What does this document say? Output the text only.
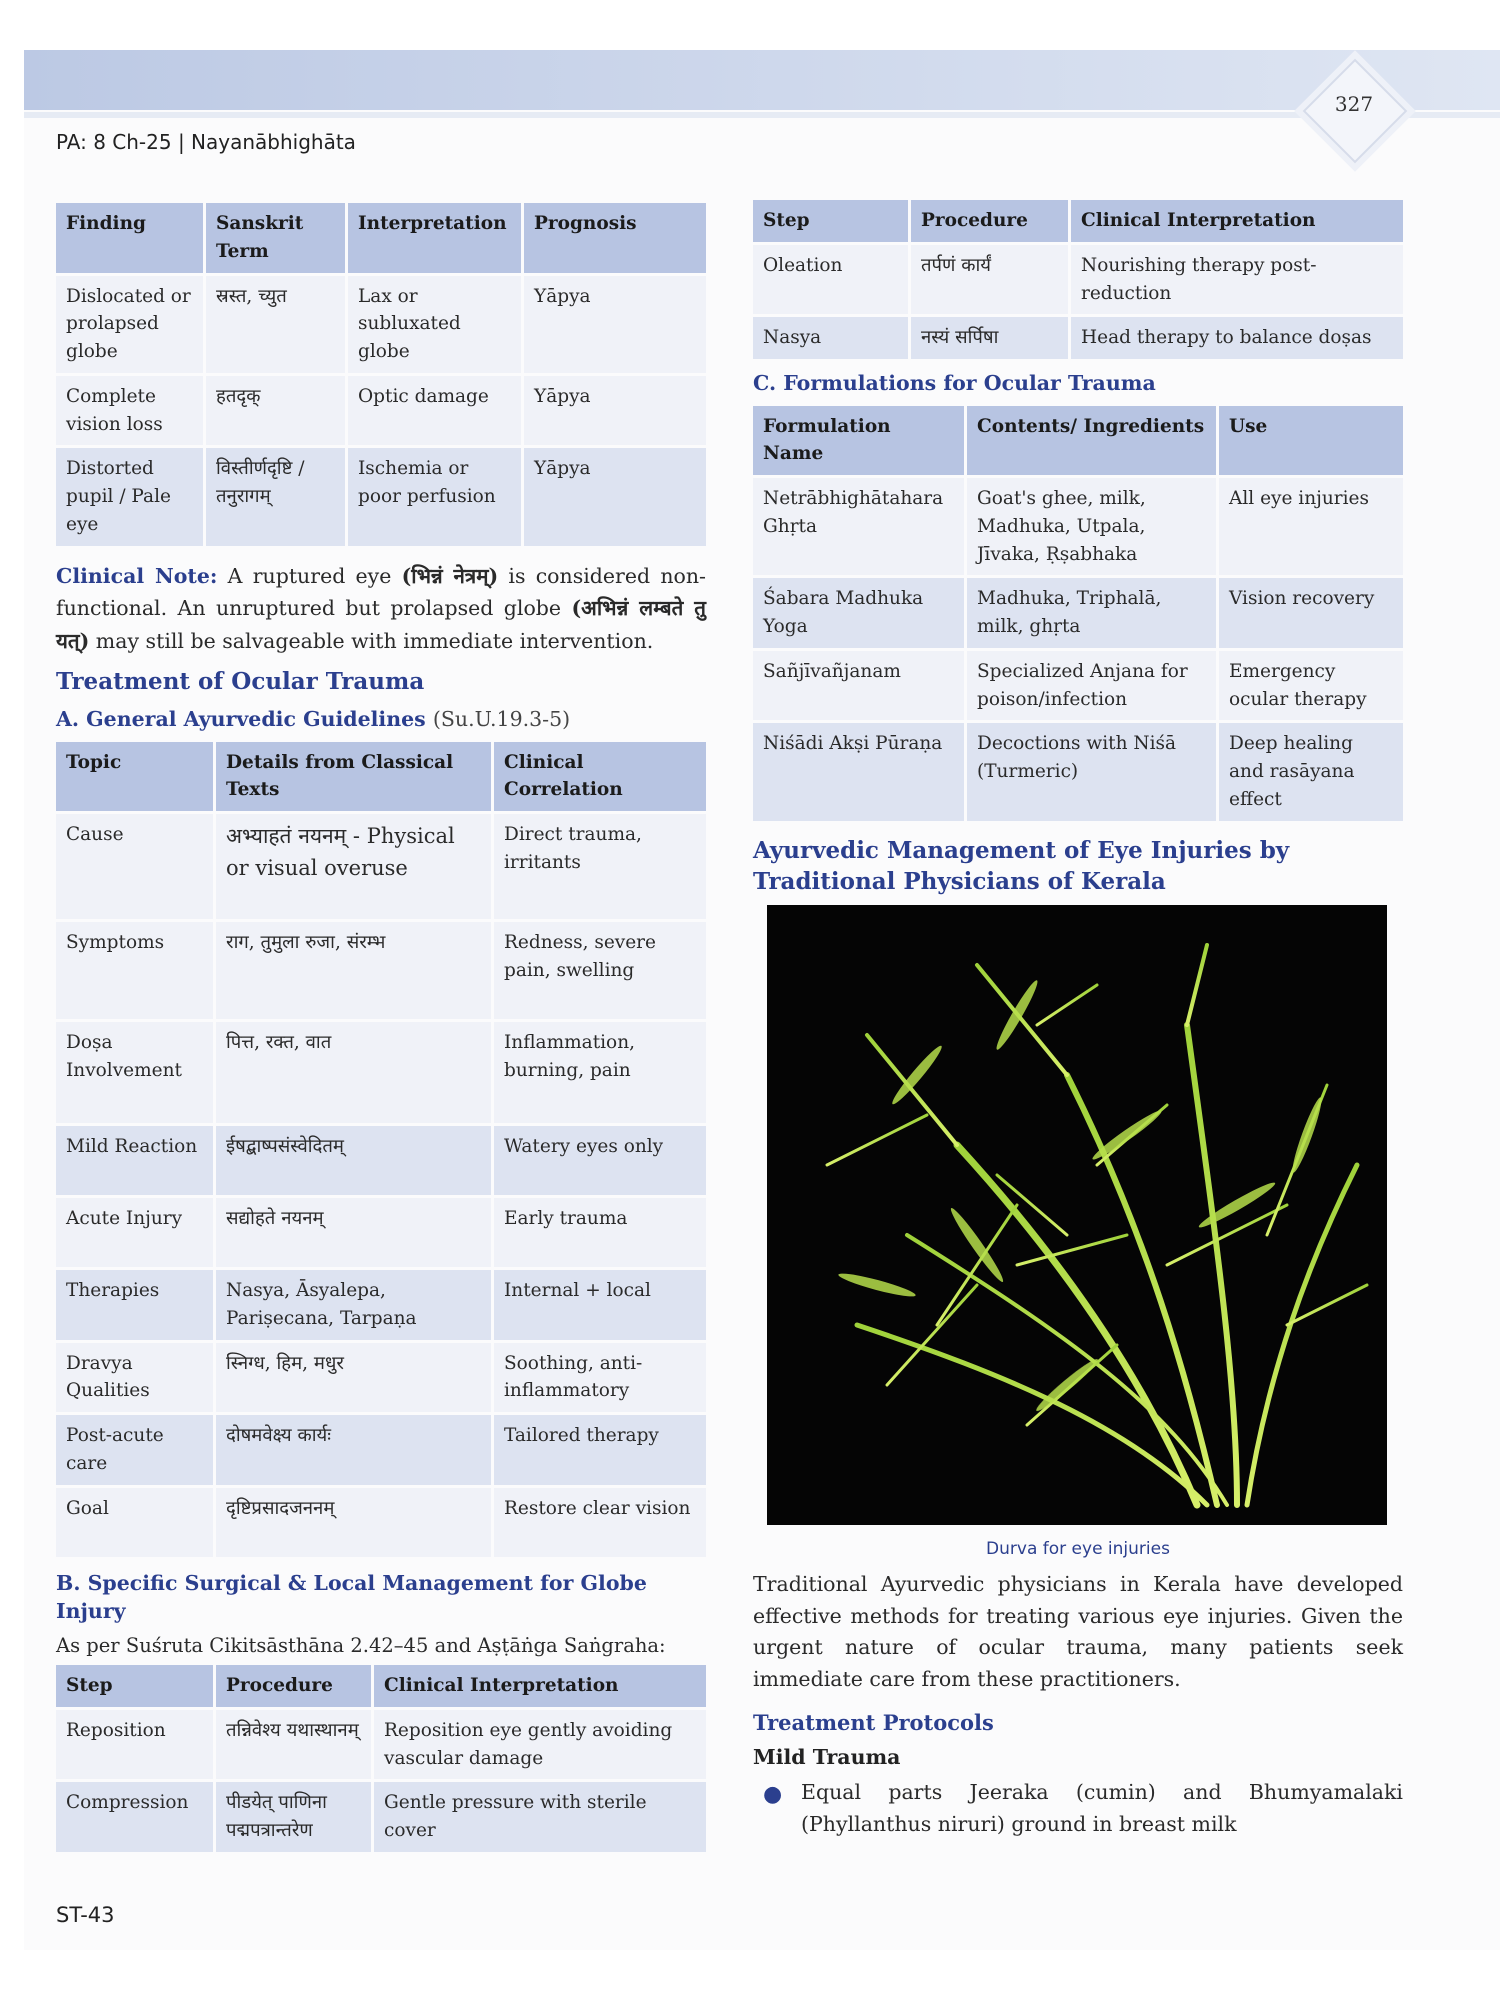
327
PA: 8 Ch-25 | Nayanābhighāta
Finding	Sanskrit Term	Interpretation	Prognosis
Dislocated or prolapsed globe	स्रस्त, च्युत	Lax or subluxated globe	Yāpya
Complete vision loss	हतदृक्	Optic damage	Yāpya
Distorted pupil / Pale eye	विस्तीर्णदृष्टि / तनुरागम्	Ischemia or poor perfusion	Yāpya

Clinical Note: A ruptured eye (भिन्नं नेत्रम्) is considered non-functional. An unruptured but prolapsed globe (अभिन्नं लम्बते तु यत्) may still be salvageable with immediate intervention.

Treatment of Ocular Trauma
A. General Ayurvedic Guidelines (Su.U.19.3-5)
Topic	Details from Classical Texts	Clinical Correlation
Cause	अभ्याहतं नयनम् - Physical or visual overuse	Direct trauma, irritants
Symptoms	राग, तुमुला रुजा, संरम्भ	Redness, severe pain, swelling
Doṣa Involvement	पित्त, रक्त, वात	Inflammation, burning, pain
Mild Reaction	ईषद्बाष्पसंस्वेदितम्	Watery eyes only
Acute Injury	सद्योहते नयनम्	Early trauma
Therapies	Nasya, Āsyalepa, Pariṣecana, Tarpaṇa	Internal + local
Dravya Qualities	स्निग्ध, हिम, मधुर	Soothing, anti-inflammatory
Post-acute care	दोषमवेक्ष्य कार्यः	Tailored therapy
Goal	दृष्टिप्रसादजननम्	Restore clear vision
B. Specific Surgical & Local Management for Globe Injury
As per Suśruta Cikitsāsthāna 2.42–45 and Aṣṭāṅga Saṅgraha:
Step	Procedure	Clinical Interpretation
Reposition	तन्निवेश्य यथास्थानम्	Reposition eye gently avoiding vascular damage
Compression	पीडयेत् पाणिना पद्मपत्रान्तरेण	Gentle pressure with sterile cover
Step	Procedure	Clinical Interpretation
Oleation	तर्पणं कार्यं	Nourishing therapy post-reduction
Nasya	नस्यं सर्पिषा	Head therapy to balance doṣas
C. Formulations for Ocular Trauma
Formulation Name	Contents/ Ingredients	Use
Netrābhighātahara Ghṛta	Goat's ghee, milk, Madhuka, Utpala, Jīvaka, Ṛṣabhaka	All eye injuries
Śabara Madhuka Yoga	Madhuka, Triphalā, milk, ghṛta	Vision recovery
Sañjīvañjanam	Specialized Anjana for poison/infection	Emergency ocular therapy
Niśādi Akṣi Pūraṇa	Decoctions with Niśā (Turmeric)	Deep healing and rasāyana effect
Ayurvedic Management of Eye Injuries by Traditional Physicians of Kerala
Durva for eye injuries

Traditional Ayurvedic physicians in Kerala have developed effective methods for treating various eye injuries. Given the urgent nature of ocular trauma, many patients seek immediate care from these practitioners.

Treatment Protocols
Mild Trauma
● Equal parts Jeeraka (cumin) and Bhumyamalaki (Phyllanthus niruri) ground in breast milk
ST-43
